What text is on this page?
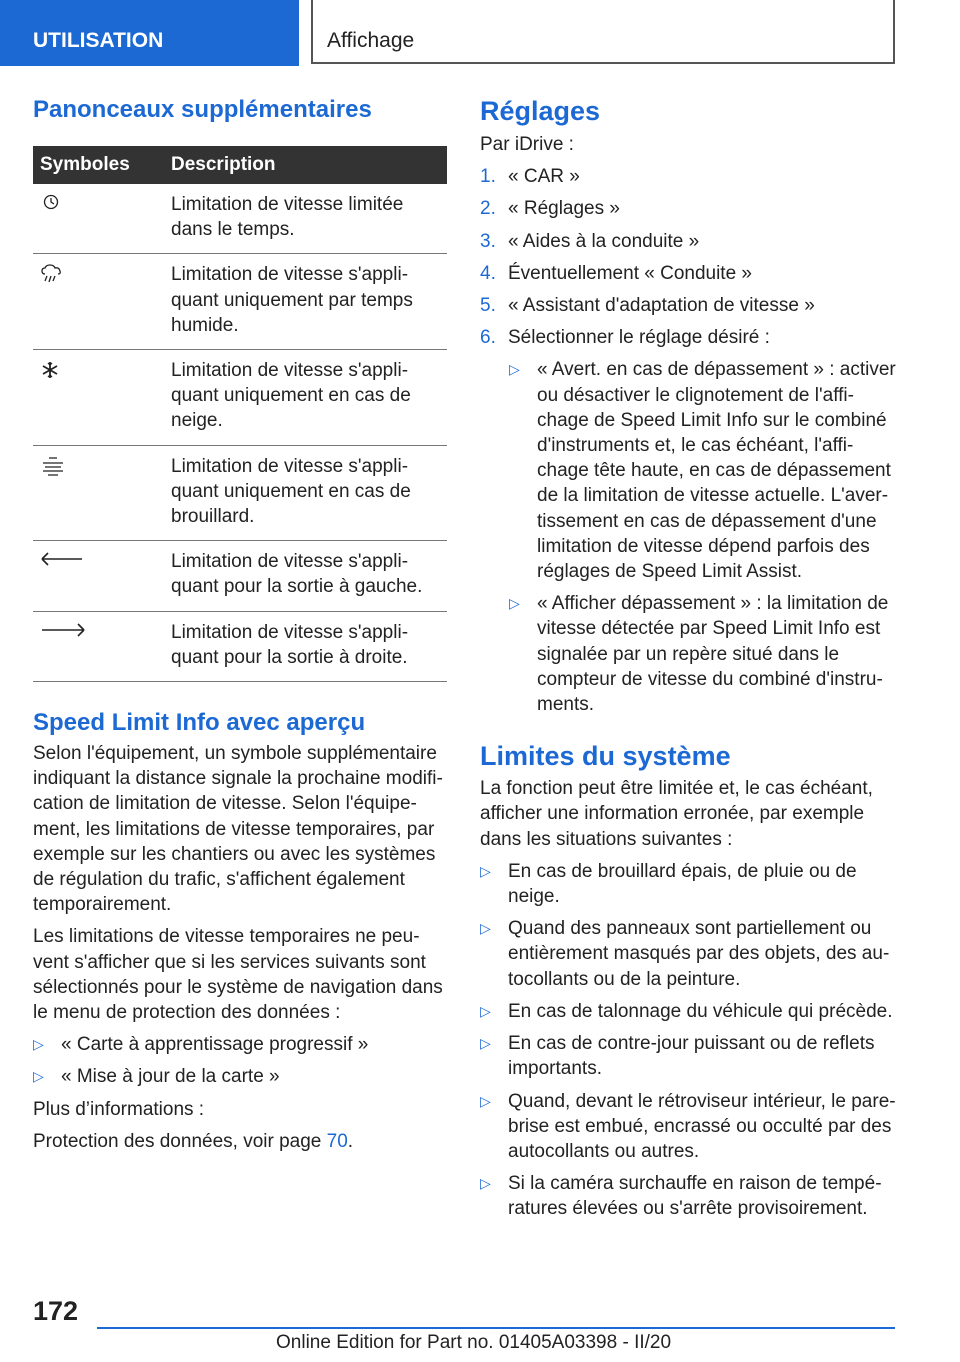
UTILISATION	Affichage
Panonceaux supplémentaires
Symboles	Description

	Limitation de vitesse limitée dans le temps.

	Limitation de vitesse s'appli-quant uniquement par temps humide.

	Limitation de vitesse s'appli-quant uniquement en cas de neige.

	Limitation de vitesse s'appli-quant uniquement en cas de brouillard.

	Limitation de vitesse s'appli-quant pour la sortie à gauche.

	Limitation de vitesse s'appli-quant pour la sortie à droite.
Speed Limit Info avec aperçu

Selon l'équipement, un symbole supplémentaire indiquant la distance signale la prochaine modifi-cation de limitation de vitesse. Selon l'équipe-ment, les limitations de vitesse temporaires, par exemple sur les chantiers ou avec les systèmes de régulation du trafic, s'affichent également temporairement.

Les limitations de vitesse temporaires ne peu-vent s'afficher que si les services suivants sont sélectionnés pour le système de navigation dans le menu de protection des données :

▷ « Carte à apprentissage progressif »
▷ « Mise à jour de la carte »

Plus d’informations :

Protection des données, voir page 70.

Réglages

Par iDrive :

1. « CAR »
2. « Réglages »
3. « Aides à la conduite »
4. Éventuellement « Conduite »
5. « Assistant d'adaptation de vitesse »
6. Sélectionner le réglage désiré :
▷ « Avert. en cas de dépassement » : activer ou désactiver le clignotement de l'affi-chage de Speed Limit Info sur le combiné d'instruments et, le cas échéant, l'affi-chage tête haute, en cas de dépassement de la limitation de vitesse actuelle. L'aver-tissement en cas de dépassement d'une limitation de vitesse dépend parfois des réglages de Speed Limit Assist.
▷ « Afficher dépassement » : la limitation de vitesse détectée par Speed Limit Info est signalée par un repère situé dans le compteur de vitesse du combiné d'instru-ments.
Limites du système

La fonction peut être limitée et, le cas échéant, afficher une information erronée, par exemple dans les situations suivantes :

▷ En cas de brouillard épais, de pluie ou de neige.
▷ Quand des panneaux sont partiellement ou entièrement masqués par des objets, des au-tocollants ou de la peinture.
▷ En cas de talonnage du véhicule qui précède.
▷ En cas de contre-jour puissant ou de reflets importants.
▷ Quand, devant le rétroviseur intérieur, le pare-brise est embué, encrassé ou occulté par des autocollants ou autres.
▷ Si la caméra surchauffe en raison de tempé-ratures élevées ou s'arrête provisoirement.
172
Online Edition for Part no. 01405A03398 - II/20
